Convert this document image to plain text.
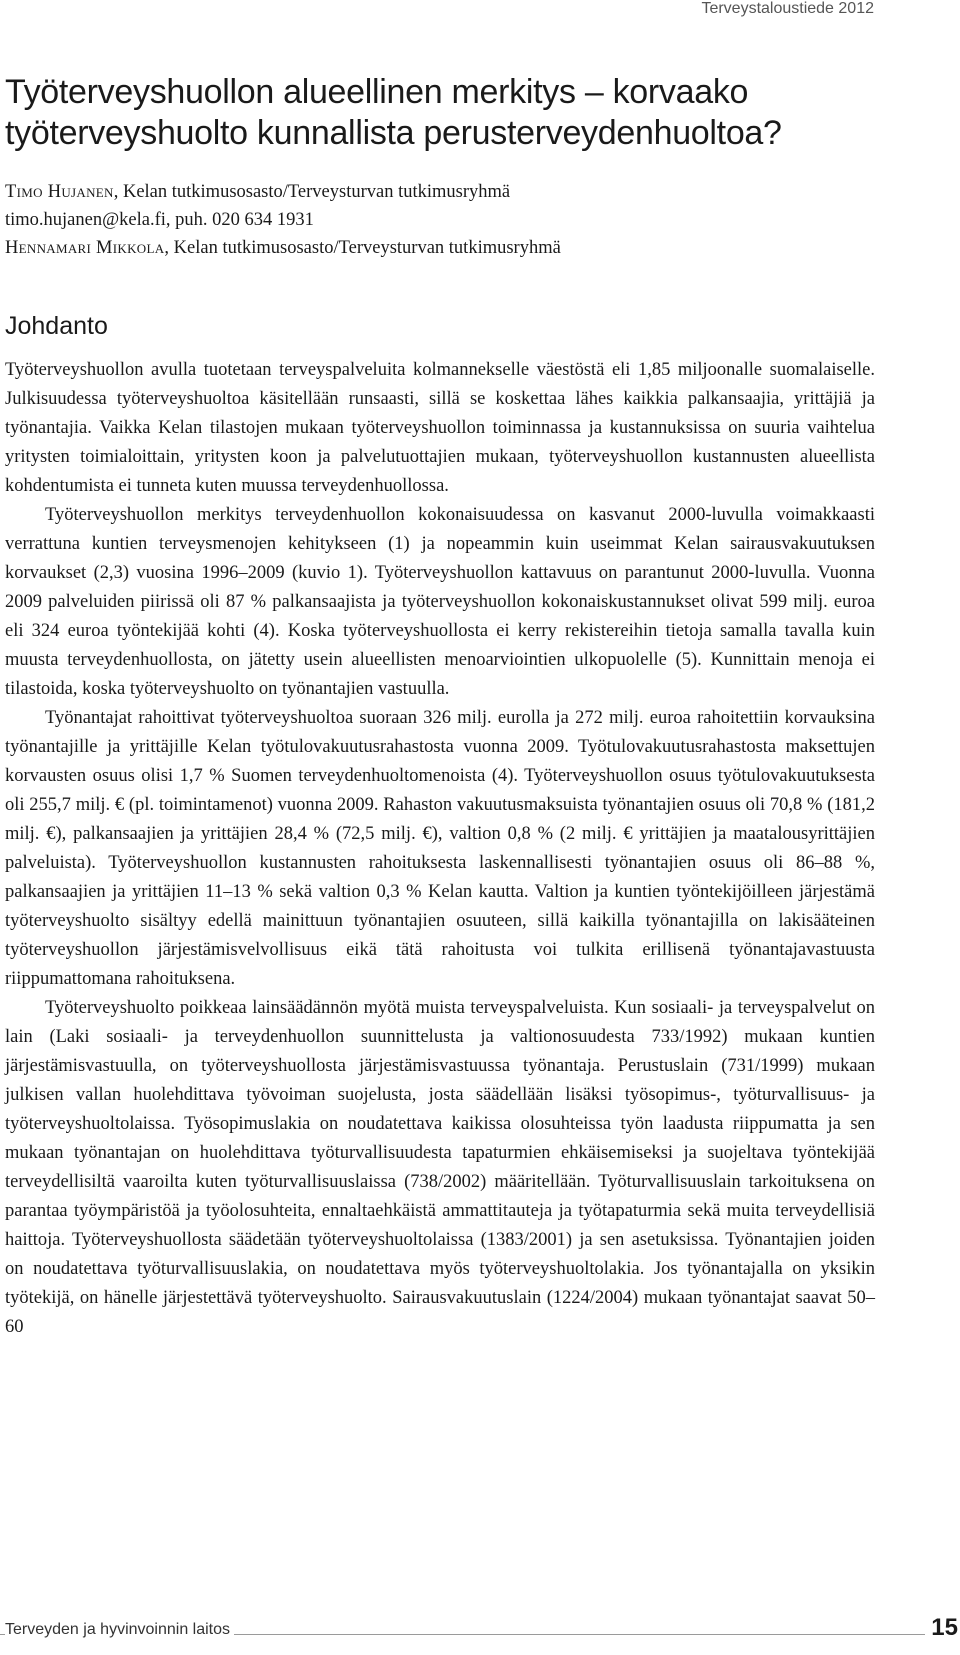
Terveystaloustiede 2012
Työterveyshuollon alueellinen merkitys – korvaako
työterveyshuolto kunnallista perusterveydenhuoltoa?
Timo Hujanen, Kelan tutkimusosasto/Terveysturvan tutkimusryhmä
timo.hujanen@kela.fi, puh. 020 634 1931
Hennamari Mikkola, Kelan tutkimusosasto/Terveysturvan tutkimusryhmä
Johdanto

Työterveyshuollon avulla tuotetaan terveyspalveluita kolmannekselle väestöstä eli 1,85 miljoonalle suomalaiselle. Julkisuudessa työterveyshuoltoa käsitellään runsaasti, sillä se koskettaa lähes kaikkia palkansaajia, yrittäjiä ja työnantajia. Vaikka Kelan tilastojen mukaan työterveyshuollon toiminnassa ja kustannuksissa on suuria vaihtelua yritysten toimialoittain, yritysten koon ja palvelutuottajien mukaan, työterveyshuollon kustannusten alueellista kohdentumista ei tunneta kuten muussa terveydenhuollossa.

Työterveyshuollon merkitys terveydenhuollon kokonaisuudessa on kasvanut 2000-luvulla voimakkaasti verrattuna kuntien terveysmenojen kehitykseen (1) ja nopeammin kuin useimmat Kelan sairausvakuutuksen korvaukset (2,3) vuosina 1996–2009 (kuvio 1). Työterveyshuollon kattavuus on parantunut 2000-luvulla. Vuonna 2009 palveluiden piirissä oli 87 % palkansaajista ja työterveyshuollon kokonaiskustannukset olivat 599 milj. euroa eli 324 euroa työntekijää kohti (4). Koska työterveyshuollosta ei kerry rekistereihin tietoja samalla tavalla kuin muusta terveydenhuollosta, on jätetty usein alueellisten menoarviointien ulkopuolelle (5). Kunnittain menoja ei tilastoida, koska työterveyshuolto on työnantajien vastuulla.

Työnantajat rahoittivat työterveyshuoltoa suoraan 326 milj. eurolla ja 272 milj. euroa rahoitettiin korvauksina työnantajille ja yrittäjille Kelan työtulovakuutusrahastosta vuonna 2009. Työtulovakuutusrahastosta maksettujen korvausten osuus olisi 1,7 % Suomen terveydenhuoltomenoista (4). Työterveyshuollon osuus työtulovakuutuksesta oli 255,7 milj. € (pl. toimintamenot) vuonna 2009. Rahaston vakuutusmaksuista työnantajien osuus oli 70,8 % (181,2 milj. €), palkansaajien ja yrittäjien 28,4 % (72,5 milj. €), valtion 0,8 % (2 milj. € yrittäjien ja maatalousyrittäjien palveluista). Työterveyshuollon kustannusten rahoituksesta laskennallisesti työnantajien osuus oli 86–88 %, palkansaajien ja yrittäjien 11–13 % sekä valtion 0,3 % Kelan kautta. Valtion ja kuntien työntekijöilleen järjestämä työterveyshuolto sisältyy edellä mainittuun työnantajien osuuteen, sillä kaikilla työnantajilla on lakisääteinen työterveyshuollon järjestämisvelvollisuus eikä tätä rahoitusta voi tulkita erillisenä työnantajavastuusta riippumattomana rahoituksena.

Työterveyshuolto poikkeaa lainsäädännön myötä muista terveyspalveluista. Kun sosiaali- ja terveyspalvelut on lain (Laki sosiaali- ja terveydenhuollon suunnittelusta ja valtionosuudesta 733/1992) mukaan kuntien järjestämisvastuulla, on työterveyshuollosta järjestämisvastuussa työnantaja. Perustuslain (731/1999) mukaan julkisen vallan huolehdittava työvoiman suojelusta, josta säädellään lisäksi työsopimus-, työturvallisuus- ja työterveyshuoltolaissa. Työsopimuslakia on noudatettava kaikissa olosuhteissa työn laadusta riippumatta ja sen mukaan työnantajan on huolehdittava työturvallisuudesta tapaturmien ehkäisemiseksi ja suojeltava työntekijää terveydellisiltä vaaroilta kuten työturvallisuuslaissa (738/2002) määritellään. Työturvallisuuslain tarkoituksena on parantaa työympäristöä ja työolosuhteita, ennaltaehkäistä ammattitauteja ja työtapaturmia sekä muita terveydellisiä haittoja. Työterveyshuollosta säädetään työterveyshuoltolaissa (1383/2001) ja sen asetuksissa. Työnantajien joiden on noudatettava työturvallisuuslakia, on noudatettava myös työterveyshuoltolakia. Jos työnantajalla on yksikin työtekijä, on hänelle järjestettävä työterveyshuolto. Sairausvakuutuslain (1224/2004) mukaan työnantajat saavat 50–60

Terveyden ja hyvinvoinnin laitos	15
